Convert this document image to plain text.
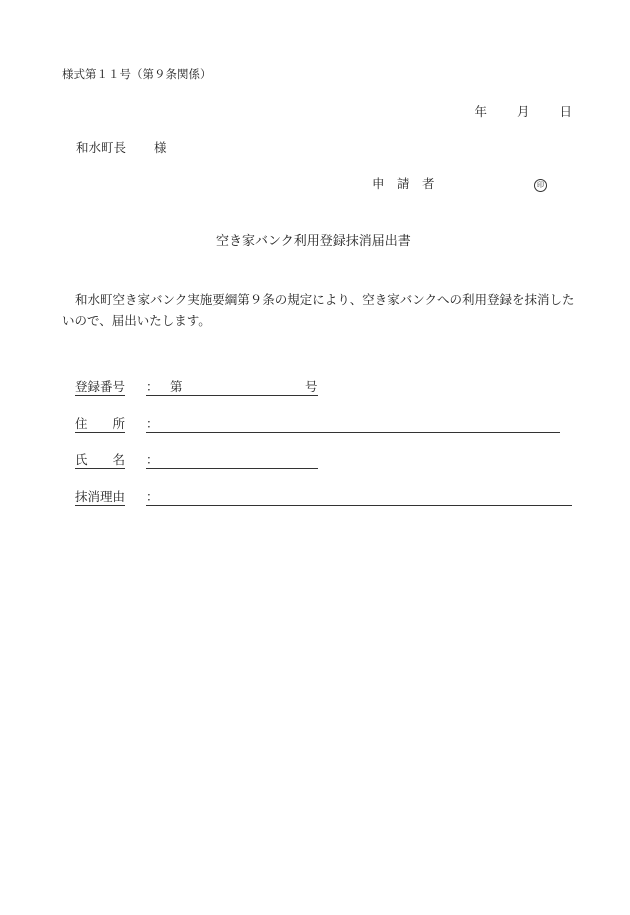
様式第１１号（第９条関係）
年 月 日
和水町長 様
申　請　者	印
空き家バンク利用登録抹消届出書
和水町空き家バンク実施要綱第９条の規定により、空き家バンクへの利用登録を抹消したいので、届出いたします。
登録番号 ： 第	号
住　　所 ：
氏　　名 ：
抹消理由 ：
